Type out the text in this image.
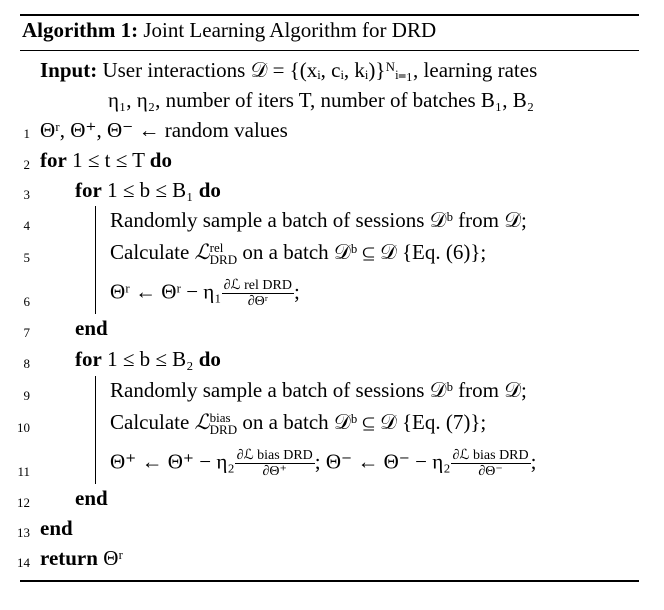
Algorithm 1: Joint Learning Algorithm for DRD
Input: User interactions 𝒟 = {(xᵢ, cᵢ, kᵢ)}ᴺᵢ₌₁, learning rates
η₁, η₂, number of iters T, number of batches B₁, B₂
1 Θʳ, Θ⁺, Θ⁻ ← random values
2 for 1 ≤ t ≤ T do
3 for 1 ≤ b ≤ B₁ do
4	Randomly sample a batch of sessions 𝒟ᵇ from 𝒟;
5	Calculate ℒ rel
DRD on a batch 𝒟ᵇ ⊆ 𝒟 {Eq. (6)};
6	Θʳ ← Θʳ − $\eta_1 \frac{\text{∂ℒ rel DRD}}{\text{∂Θʳ}}$ ;
7 end
8 for 1 ≤ b ≤ B₂ do
9	Randomly sample a batch of sessions 𝒟ᵇ from 𝒟;
10	Calculate ℒ bias
DRD on a batch 𝒟ᵇ ⊆ 𝒟 {Eq. (7)};
11	Θ⁺ ← $\Theta^+ - \eta_2 \frac{\text{∂ℒ bias DRD}}{\partial\Theta^+}$ ; Θ⁻ ← $\Theta^- - \eta_2 \frac{\text{∂ℒ bias DRD}}{\partial\Theta^-}$ ;
12 end
13 end
14 return Θʳ
